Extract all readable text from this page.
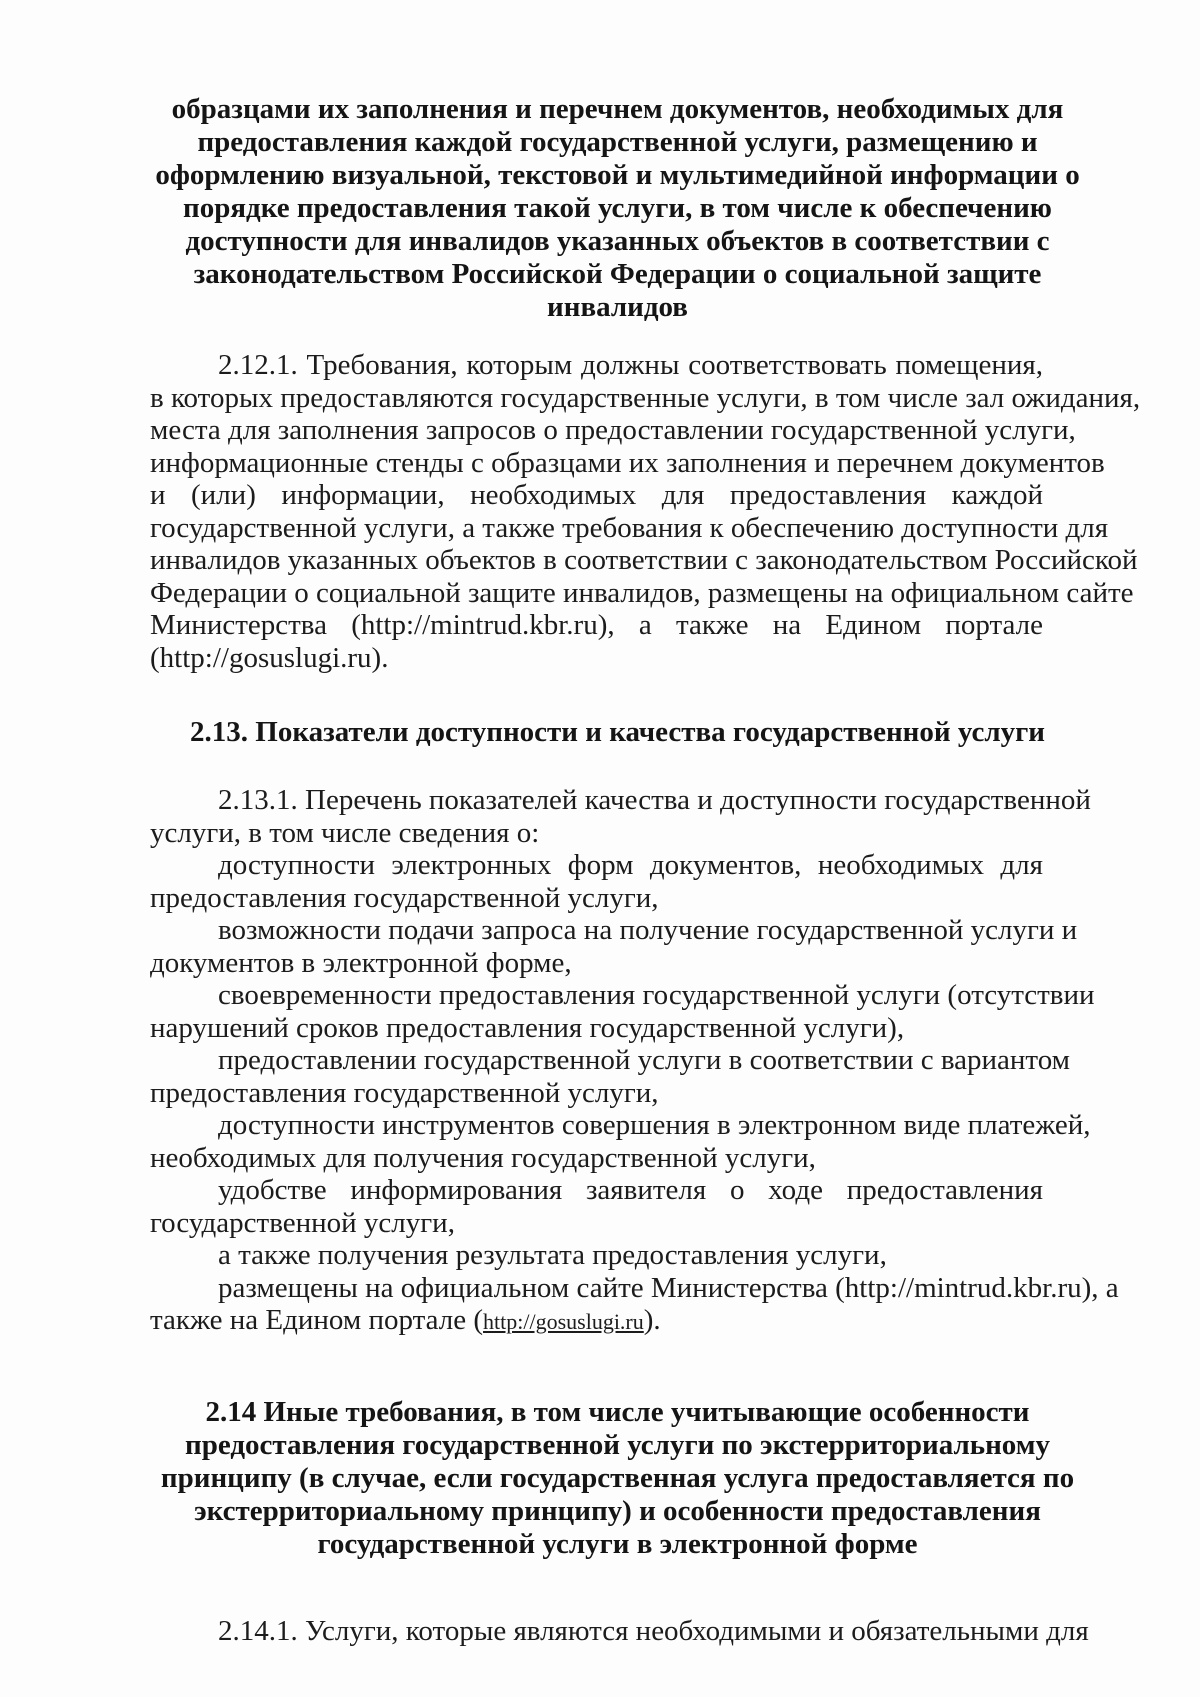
образцами их заполнения и перечнем документов, необходимых для
предоставления каждой государственной услуги, размещению и
оформлению визуальной, текстовой и мультимедийной информации о
порядке предоставления такой услуги, в том числе к обеспечению
доступности для инвалидов указанных объектов в соответствии с
законодательством Российской Федерации о социальной защите
инвалидов
2.12.1. Требования, которым должны соответствовать помещения,
в которых предоставляются государственные услуги, в том числе зал ожидания,
места для заполнения запросов о предоставлении государственной услуги,
информационные стенды с образцами их заполнения и перечнем документов
и (или) информации, необходимых для предоставления каждой
государственной услуги, а также требования к обеспечению доступности для
инвалидов указанных объектов в соответствии с законодательством Российской
Федерации о социальной защите инвалидов, размещены на официальном сайте
Министерства (http://mintrud.kbr.ru), а также на Едином портале
(http://gosuslugi.ru).
2.13. Показатели доступности и качества государственной услуги
2.13.1. Перечень показателей качества и доступности государственной
услуги, в том числе сведения о:
доступности электронных форм документов, необходимых для
предоставления государственной услуги,
возможности подачи запроса на получение государственной услуги и
документов в электронной форме,
своевременности предоставления государственной услуги (отсутствии
нарушений сроков предоставления государственной услуги),
предоставлении государственной услуги в соответствии с вариантом
предоставления государственной услуги,
доступности инструментов совершения в электронном виде платежей,
необходимых для получения государственной услуги,
удобстве информирования заявителя о ходе предоставления
государственной услуги,
а также получения результата предоставления услуги,
размещены на официальном сайте Министерства (http://mintrud.kbr.ru), а
также на Едином портале (http://gosuslugi.ru).
2.14 Иные требования, в том числе учитывающие особенности
предоставления государственной услуги по экстерриториальному
принципу (в случае, если государственная услуга предоставляется по
экстерриториальному принципу) и особенности предоставления
государственной услуги в электронной форме
2.14.1. Услуги, которые являются необходимыми и обязательными для
